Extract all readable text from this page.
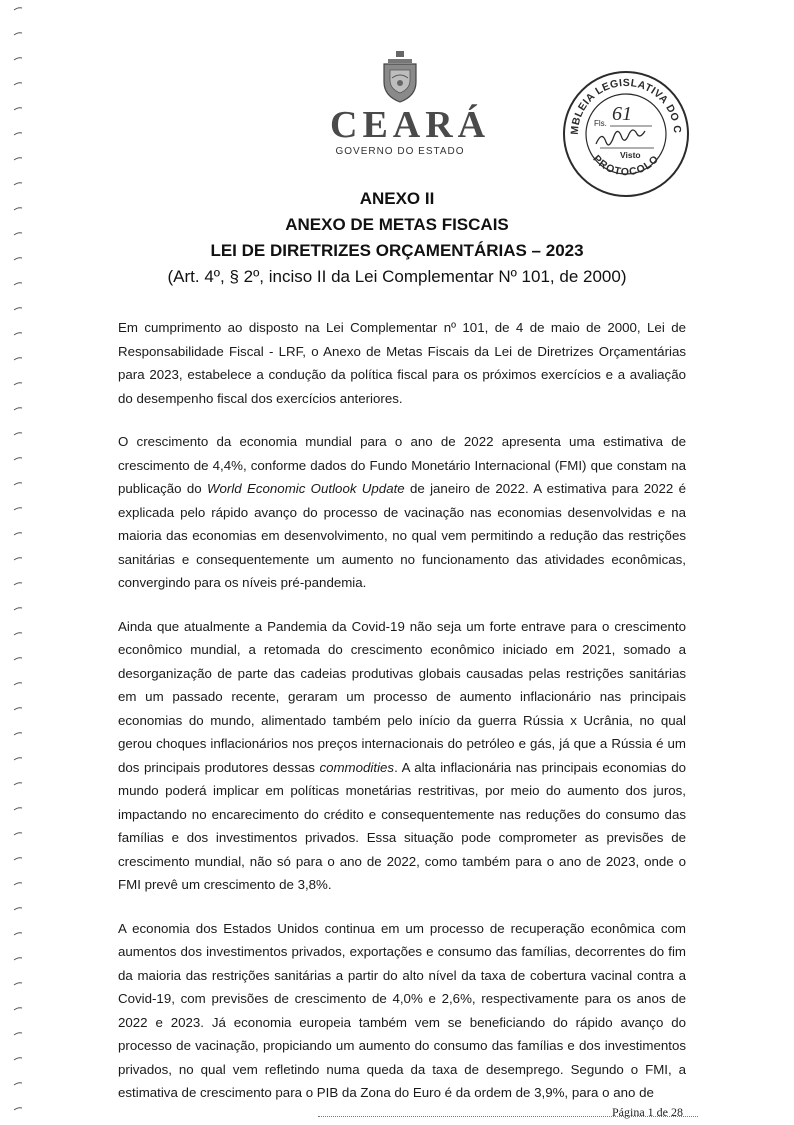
CEARÁ
GOVERNO DO ESTADO
MBLEIA LEGISLATIVA DO C
PROTOCOLO
Fls. 61
Visto
ANEXO II
ANEXO DE METAS FISCAIS
LEI DE DIRETRIZES ORÇAMENTÁRIAS – 2023
(Art. 4º, § 2º, inciso II da Lei Complementar Nº 101, de 2000)

Em cumprimento ao disposto na Lei Complementar nº 101, de 4 de maio de 2000, Lei de Responsabilidade Fiscal - LRF, o Anexo de Metas Fiscais da Lei de Diretrizes Orçamentárias para 2023, estabelece a condução da política fiscal para os próximos exercícios e a avaliação do desempenho fiscal dos exercícios anteriores.

O crescimento da economia mundial para o ano de 2022 apresenta uma estimativa de crescimento de 4,4%, conforme dados do Fundo Monetário Internacional (FMI) que constam na publicação do World Economic Outlook Update de janeiro de 2022. A estimativa para 2022 é explicada pelo rápido avanço do processo de vacinação nas economias desenvolvidas e na maioria das economias em desenvolvimento, no qual vem permitindo a redução das restrições sanitárias e consequentemente um aumento no funcionamento das atividades econômicas, convergindo para os níveis pré-pandemia.

Ainda que atualmente a Pandemia da Covid-19 não seja um forte entrave para o crescimento econômico mundial, a retomada do crescimento econômico iniciado em 2021, somado a desorganização de parte das cadeias produtivas globais causadas pelas restrições sanitárias em um passado recente, geraram um processo de aumento inflacionário nas principais economias do mundo, alimentado também pelo início da guerra Rússia x Ucrânia, no qual gerou choques inflacionários nos preços internacionais do petróleo e gás, já que a Rússia é um dos principais produtores dessas commodities. A alta inflacionária nas principais economias do mundo poderá implicar em políticas monetárias restritivas, por meio do aumento dos juros, impactando no encarecimento do crédito e consequentemente nas reduções do consumo das famílias e dos investimentos privados. Essa situação pode comprometer as previsões de crescimento mundial, não só para o ano de 2022, como também para o ano de 2023, onde o FMI prevê um crescimento de 3,8%.

A economia dos Estados Unidos continua em um processo de recuperação econômica com aumentos dos investimentos privados, exportações e consumo das famílias, decorrentes do fim da maioria das restrições sanitárias a partir do alto nível da taxa de cobertura vacinal contra a Covid-19, com previsões de crescimento de 4,0% e 2,6%, respectivamente para os anos de 2022 e 2023. Já economia europeia também vem se beneficiando do rápido avanço do processo de vacinação, propiciando um aumento do consumo das famílias e dos investimentos privados, no qual vem refletindo numa queda da taxa de desemprego. Segundo o FMI, a estimativa de crescimento para o PIB da Zona do Euro é da ordem de 3,9%, para o ano de

Página 1 de 28
